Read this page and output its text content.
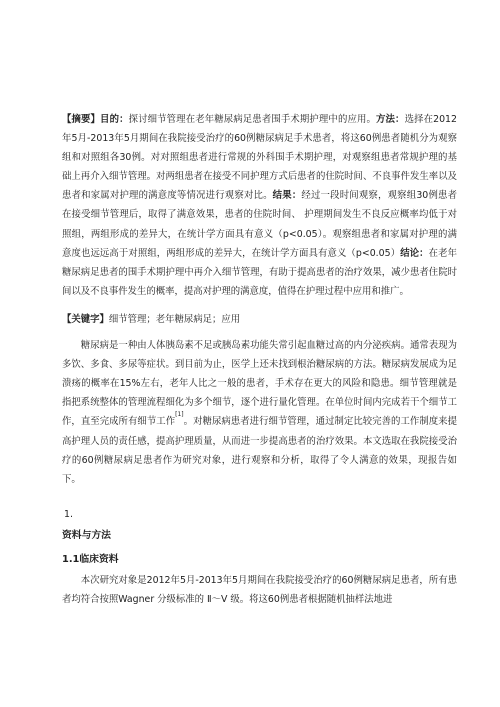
【摘要】目的：探讨细节管理在老年糖尿病足患者围手术期护理中的应用。方法：选择在2012年5月-2013年5月期间在我院接受治疗的60例糖尿病足手术患者，将这60例患者随机分为观察组和对照组各30例。对对照组患者进行常规的外科围手术期护理，对观察组患者常规护理的基础上再介入细节管理。对两组患者在接受不同护理方式后患者的住院时间、不良事件发生率以及患者和家属对护理的满意度等情况进行观察对比。结果：经过一段时间观察，观察组30例患者在接受细节管理后，取得了满意效果，患者的住院时间、 护理期间发生不良反应概率均低于对照组，两组形成的差异大，在统计学方面具有意义（p<0.05）。观察组患者和家属对护理的满意度也远远高于对照组，两组形成的差异大，在统计学方面具有意义（p<0.05）结论：在老年糖尿病足患者的围手术期护理中再介入细节管理，有助于提高患者的治疗效果，减少患者住院时间以及不良事件发生的概率，提高对护理的满意度，值得在护理过程中应用和推广。

【关键字】细节管理；老年糖尿病足；应用

糖尿病是一种由人体胰岛素不足或胰岛素功能失常引起血糖过高的内分泌疾病。通常表现为多饮、多食、多尿等症状。到目前为止，医学上还未找到根治糖尿病的方法。糖尿病发展成为足溃疡的概率在15%左右，老年人比之一般的患者，手术存在更大的风险和隐患。细节管理就是指把系统整体的管理流程细化为多个细节，逐个进行量化管理。在单位时间内完成若干个细节工作，直至完成所有细节工作[1]。对糖尿病患者进行细节管理，通过制定比较完善的工作制度来提高护理人员的责任感，提高护理质量，从而进一步提高患者的治疗效果。本文选取在我院接受治疗的60例糖尿病足患者作为研究对象，进行观察和分析，取得了令人满意的效果，现报告如下。

1.

资料与方法

1.1临床资料

本次研究对象是2012年5月-2013年5月期间在我院接受治疗的60例糖尿病足患者，所有患者均符合按照Wagner 分级标准的 Ⅱ～Ⅴ 级。将这60例患者根据随机抽样法地进
